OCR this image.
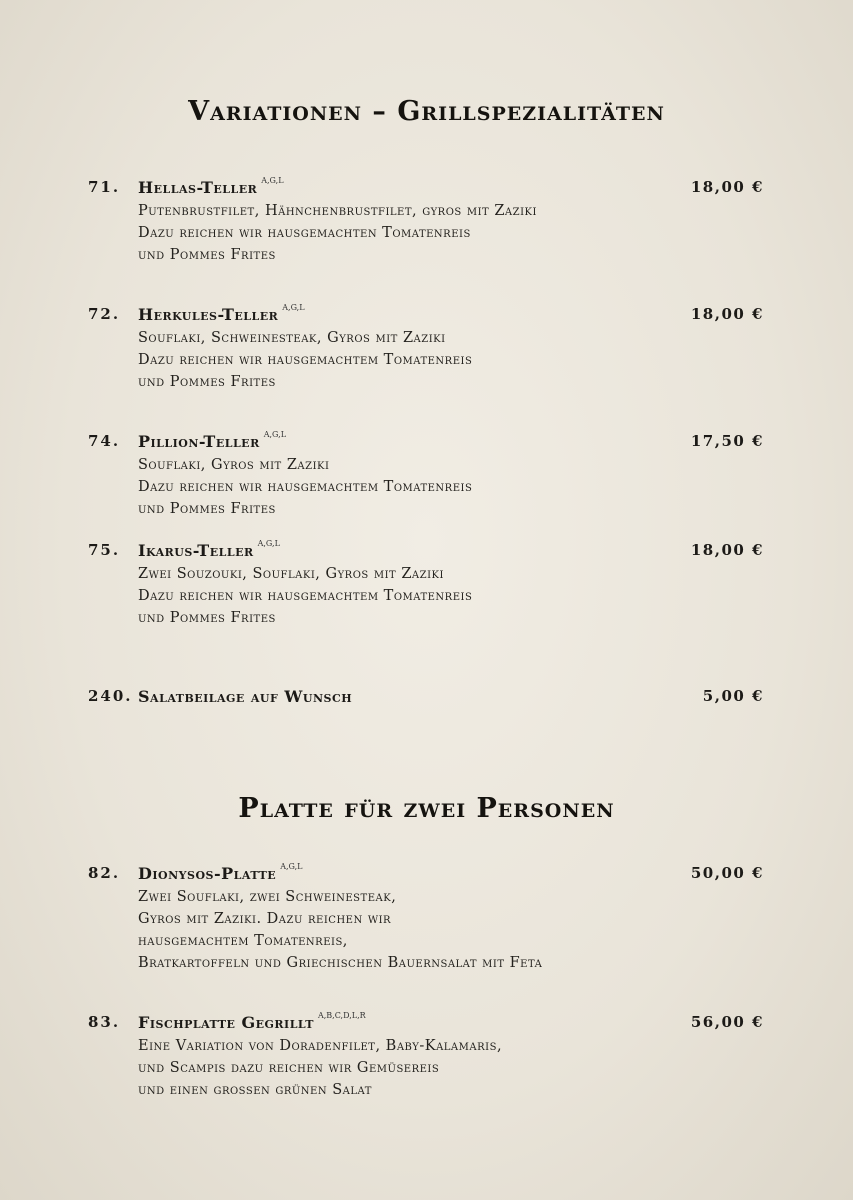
Variationen – Grillspezialitäten
71. Hellas-Teller $^{A,G,L}$	18,00 €
Putenbrustfilet, Hähnchenbrustfilet, gyros mit Zaziki
Dazu reichen wir hausgemachten Tomatenreis
und Pommes Frites
72. Herkules-Teller $^{A,G,L}$	18,00 €
Souflaki, Schweinesteak, Gyros mit Zaziki
Dazu reichen wir hausgemachtem Tomatenreis
und Pommes Frites
74. Pillion-Teller $^{A,G,L}$	17,50 €
Souflaki, Gyros mit Zaziki
Dazu reichen wir hausgemachtem Tomatenreis
und Pommes Frites
75. Ikarus-Teller $^{A,G,L}$	18,00 €
Zwei Souzouki, Souflaki, Gyros mit Zaziki
Dazu reichen wir hausgemachtem Tomatenreis
und Pommes Frites
240. Salatbeilage auf Wunsch	5,00 €
Platte für zwei Personen
82. Dionysos-Platte $^{A,G,L}$	50,00 €
Zwei Souflaki, zwei Schweinesteak,
Gyros mit Zaziki. Dazu reichen wir
hausgemachtem Tomatenreis,
Bratkartoffeln und Griechischen Bauernsalat mit Feta
83. Fischplatte Gegrillt $^{A,B,C,D,L,R}$	56,00 €
Eine Variation von Doradenfilet, Baby-Kalamaris,
und Scampis dazu reichen wir Gemüsereis
und einen grossen grünen Salat
